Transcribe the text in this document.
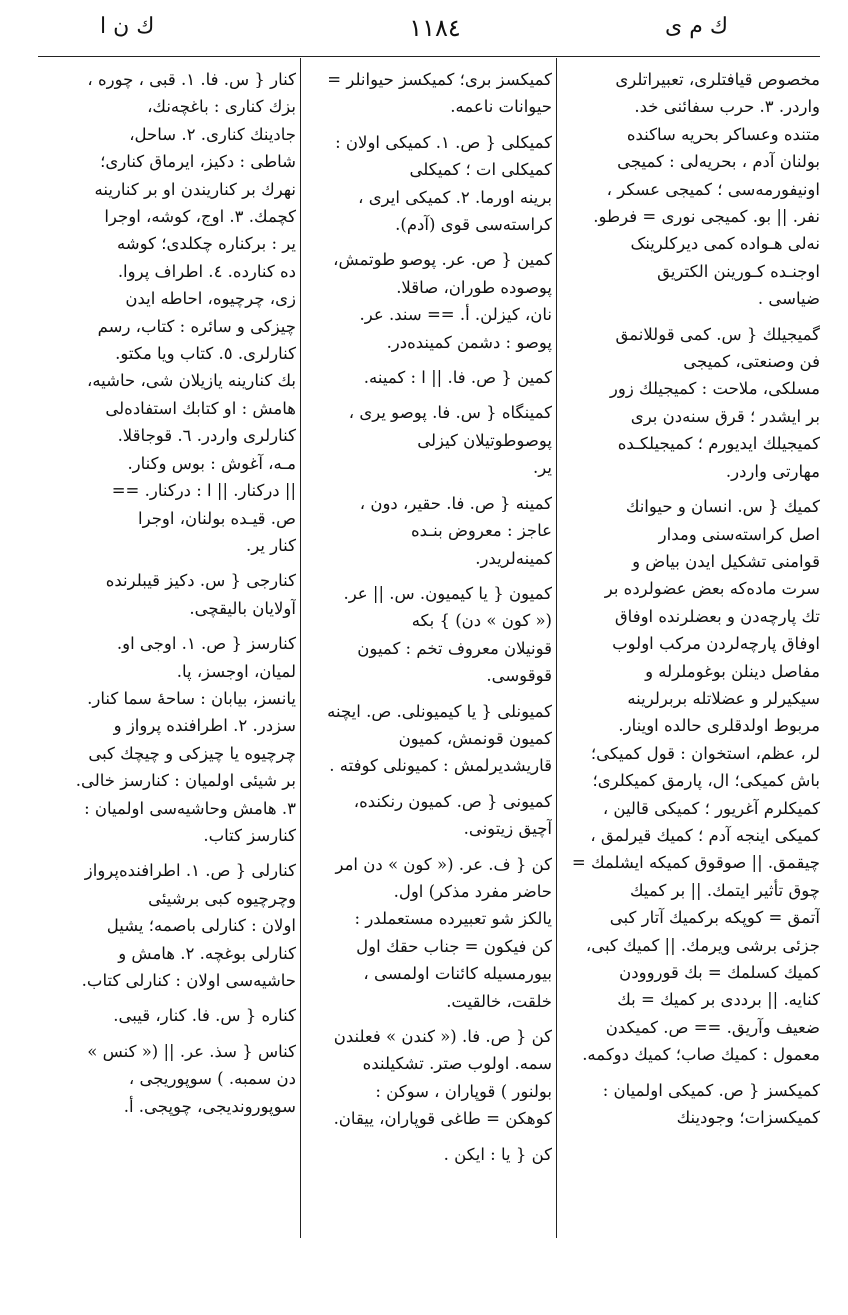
ك م ی
١١٨٤
ك ن ا
مخصوص قیافتلری، تعبیراتلری
واردر. ٣. حرب سفائنی خد.
متنده وعساکر بحریه ساکنده
بولنان آدم ، بحریه‌لی : کمیجی
اونیفورمه‌سی ؛ کمیجی عسکر ،
نفر. || بو. کمیجی نوری = فرطو.
نه‌لی هـواده کمی دیرکلرینک
اوجنـده کـورینن الکتریق
ضیاسی .
گمیجیلك { س. کمی قوللانمق
فن وصنعتی، کمیجی
مسلکی، ملاحت : کمیجیلك زور
بر ایشدر ؛ قرق سنه‌دن بری
کمیجیلك ایدیورم ؛ کمیجیلکـده
مهارتی واردر.
کمیك { س. انسان و حیوانك
اصل کراسته‌سنی ومدار
قوامنی تشکیل ایدن بیاض و
سرت ماده‌که بعض عضولرده بر
تك پارچه‌دن و بعضلرنده اوفاق
اوفاق پارچه‌لردن مرکب اولوب
مفاصل دینلن بوغوملرله و
سیکیرلر و عضلاتله بربرلرینه
مربوط اولدقلری حالده اوینار.
لر، عظم، استخوان : قول کمیکی؛
باش کمیکی؛ ال، پارمق کمیکلری؛
کمیکلرم آغریور ؛ کمیکی قالین ،
کمیکی اینجه آدم ؛ کمیك قیرلمق ،
چیقمق. || صوقوق کمیکه ایشلمك =
چوق تأثیر ایتمك. || بر کمیك
آتمق = کوپکه برکمیك آتار کبی
جزئی برشی ویرمك. || کمیك کبی،
کمیك کسلمك = بك قوروودن
کنایه. || برددی بر کمیك = بك
ضعیف وآریق. == ص. کمیکدن
معمول : کمیك صاب؛ کمیك دوکمه.
کمیکسز { ص. کمیکی اولمیان :
کمیکسزات؛ وجودینك
کمیکسز بری؛ کمیکسز حیوانلر =
حیوانات ناعمه.
کمیکلی { ص. ١. کمیکی اولان :
کمیکلی ات ؛ کمیکلی
برینه اورما. ٢. کمیکی ایری ،
کراسته‌سی قوی (آدم).
کمین { ص. عر. پوصو طوتمش،
پوصوده طوران، صاقلا.
نان، کیزلن. أ. == سند. عر.
پوصو : دشمن کمینده‌در.
کمین { ص. فا. || ا : کمینه.
کمینگاه { س. فا. پوصو یری ،
پوصوطوتیلان کیزلی
یر.
کمینه { ص. فا. حقیر، دون ،
عاجز : معروض بنـده‌
کمینه‌لریدر.
کمیون { یا کیمیون. س. || عر.
(« کون » دن) } بکه
قونیلان معروف تخم : کمیون
قوقوسی.
کمیونلی { یا کیمیونلی. ص. ایچنه
کمیون قونمش، کمیون
قاریشدیرلمش : کمیونلی کوفته .
کمیونی { ص. کمیون رنکنده،
آچیق زیتونی.
کن { ف. عر. (« کون » دن امر
حاضر مفرد مذکر) اول.
یالکز شو تعبیرده مستعملدر :
کن فیکون = جناب حقك اول
بیورمسیله کائنات اولمسی ،
خلقت، خالقیت.
کن { ص. فا. (« کندن » فعلندن
سمه. اولوب صتر. تشکیلنده
بولنور ) قوپاران ، سوکن :
کوهکن = طاغی قوپاران، ییقان.
کن { یا : ایکن .
کنار { س. فا. ١. قبی ، چوره ،
بزك كناری : باغچه‌نك،
جادینك کناری. ٢. ساحل،
شاطی : دکیز، ایرماق کناری؛
نهرك بر کناریندن او بر کنارینه
کچمك. ٣. اوج، کوشه، اوجرا
یر : برکناره چکلدی؛ کوشه
ده کنارده. ٤. اطراف پروا.
زی، چرچیوه، احاطه ایدن
چیزکی و سائره : کتاب، رسم
کنارلری. ٥. کتاب ویا مکتو.
بك کنارینه یازیلان شی، حاشیه،
هامش : او کتابك استفاده‌لی
کنارلری واردر. ٦. قوجاقلا.
مـه، آغوش : بوس وکنار.
|| درکنار. || ا : درکنار. ==
ص. قیـده بولنان، اوجرا
کنار یر.
کنارجی { س. دکیز قیبلرنده
آولایان بالیقچی.
کنارسز { ص. ١. اوجی او.
لمیان، اوجسز، پا.
یانسز، بیابان : ساحهٔ سما کنار.
سزدر. ٢. اطرافنده پرواز و
چرچیوه یا چیزکی و چیچك کبی
بر شیئی اولمیان : کنارسز خالی.
٣. هامش وحاشیه‌سی اولمیان :
کنارسز کتاب.
کنارلی { ص. ١. اطرافنده‌پرواز
وچرچیوه کبی برشیئی
اولان : کنارلی باصمه؛ یشیل
کنارلی بوغچه. ٢. هامش و
حاشیه‌سی اولان : کنارلی کتاب.
کناره { س. فا. کنار، قیبی.
کناس { سذ. عر. || (« کنس »
دن سمبه. ) سوپوریجی ،
سوپوروندیجی، چوپجی. أ.
